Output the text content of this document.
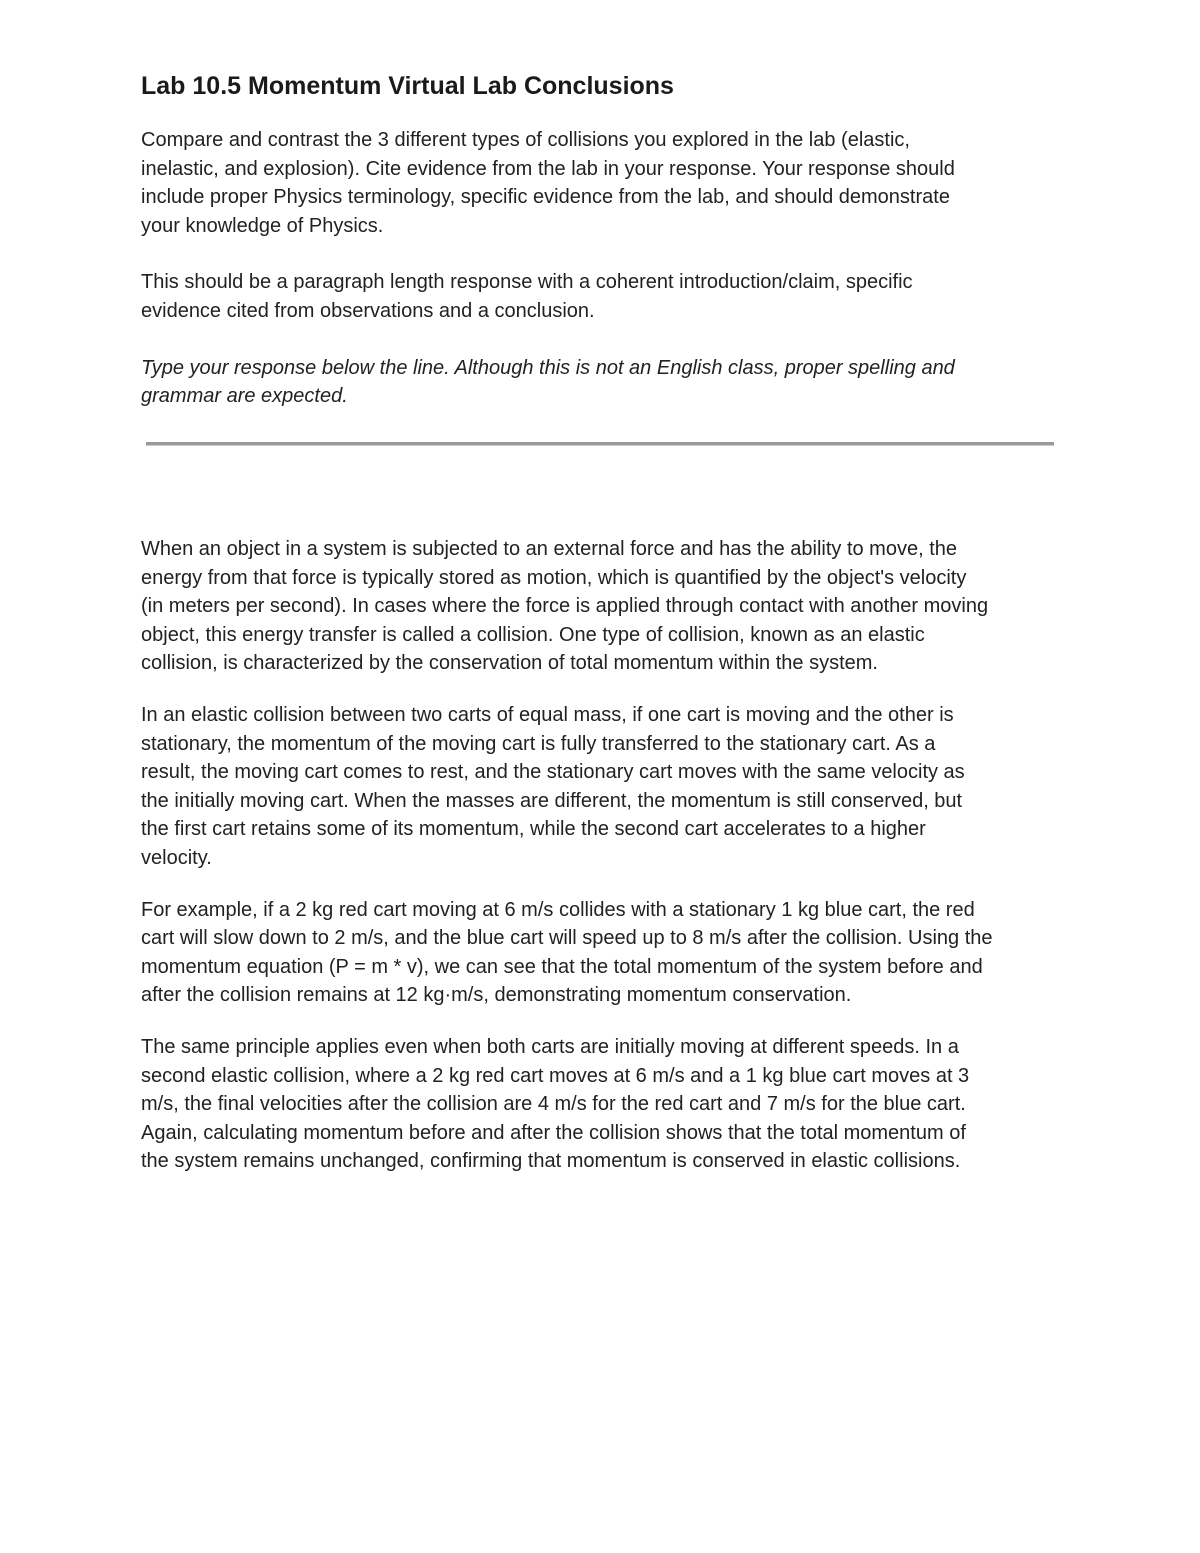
Lab 10.5 Momentum Virtual Lab Conclusions

Compare and contrast the 3 different types of collisions you explored in the lab (elastic,
inelastic, and explosion). Cite evidence from the lab in your response. Your response should
include proper Physics terminology, specific evidence from the lab, and should demonstrate
your knowledge of Physics.

This should be a paragraph length response with a coherent introduction/claim, specific
evidence cited from observations and a conclusion.

Type your response below the line. Although this is not an English class, proper spelling and
grammar are expected.

When an object in a system is subjected to an external force and has the ability to move, the
energy from that force is typically stored as motion, which is quantified by the object's velocity
(in meters per second). In cases where the force is applied through contact with another moving
object, this energy transfer is called a collision. One type of collision, known as an elastic
collision, is characterized by the conservation of total momentum within the system.

In an elastic collision between two carts of equal mass, if one cart is moving and the other is
stationary, the momentum of the moving cart is fully transferred to the stationary cart. As a
result, the moving cart comes to rest, and the stationary cart moves with the same velocity as
the initially moving cart. When the masses are different, the momentum is still conserved, but
the first cart retains some of its momentum, while the second cart accelerates to a higher
velocity.

For example, if a 2 kg red cart moving at 6 m/s collides with a stationary 1 kg blue cart, the red
cart will slow down to 2 m/s, and the blue cart will speed up to 8 m/s after the collision. Using the
momentum equation (P = m * v), we can see that the total momentum of the system before and
after the collision remains at 12 kg·m/s, demonstrating momentum conservation.

The same principle applies even when both carts are initially moving at different speeds. In a
second elastic collision, where a 2 kg red cart moves at 6 m/s and a 1 kg blue cart moves at 3
m/s, the final velocities after the collision are 4 m/s for the red cart and 7 m/s for the blue cart.
Again, calculating momentum before and after the collision shows that the total momentum of
the system remains unchanged, confirming that momentum is conserved in elastic collisions.
